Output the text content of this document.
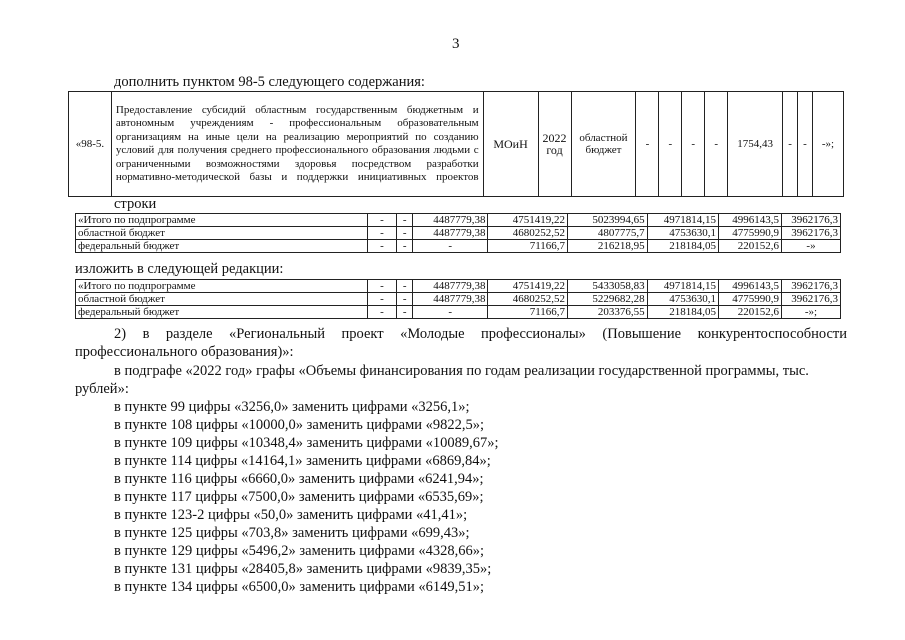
3
дополнить пунктом 98-5 следующего содержания:
«98-5.	Предоставление субсидий областным государственным бюджетным и автономным учреждениям - профессиональным образовательным организациям на иные цели на реализацию мероприятий по созданию условий для получения среднего профессионального образования людьми с ограниченными возможностями здоровья посредством разработки нормативно-методической базы и поддержки инициативных проектов	МОиН	2022 год	областной бюджет	-	-	-	-	1754,43	-	-	-»;
строки
«Итого по подпрограмме	-	-	4487779,38	4751419,22	5023994,65	4971814,15	4996143,5	3962176,3
областной бюджет	-	-	4487779,38	4680252,52	4807775,7	4753630,1	4775990,9	3962176,3
федеральный бюджет	-	-	-	71166,7	216218,95	218184,05	220152,6	-»
изложить в следующей редакции:
«Итого по подпрограмме	-	-	4487779,38	4751419,22	5433058,83	4971814,15	4996143,5	3962176,3
областной бюджет	-	-	4487779,38	4680252,52	5229682,28	4753630,1	4775990,9	3962176,3
федеральный бюджет	-	-	-	71166,7	203376,55	218184,05	220152,6	-»;
2) в разделе «Региональный проект «Молодые профессионалы» (Повышение конкурентоспособности
профессионального образования)»:
в подграфе «2022 год» графы «Объемы финансирования по годам реализации государственной программы, тыс.
рублей»:
в пункте 99 цифры «3256,0» заменить цифрами «3256,1»;
в пункте 108 цифры «10000,0» заменить цифрами «9822,5»;
в пункте 109 цифры «10348,4» заменить цифрами «10089,67»;
в пункте 114 цифры «14164,1» заменить цифрами «6869,84»;
в пункте 116 цифры «6660,0» заменить цифрами «6241,94»;
в пункте 117 цифры «7500,0» заменить цифрами «6535,69»;
в пункте 123-2 цифры «50,0» заменить цифрами «41,41»;
в пункте 125 цифры «703,8» заменить цифрами «699,43»;
в пункте 129 цифры «5496,2» заменить цифрами «4328,66»;
в пункте 131 цифры «28405,8» заменить цифрами «9839,35»;
в пункте 134 цифры «6500,0» заменить цифрами «6149,51»;
